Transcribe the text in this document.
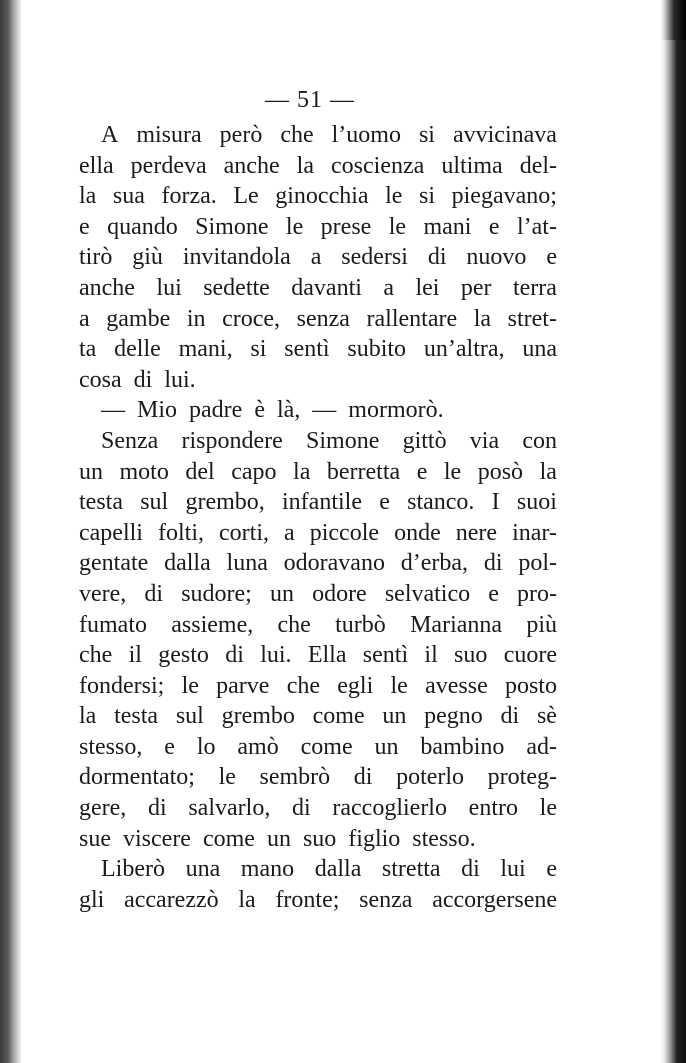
— 51 —
A misura però che l’uomo si avvicinava
ella perdeva anche la coscienza ultima del-
la sua forza. Le ginocchia le si piegavano;
e quando Simone le prese le mani e l’at-
tirò giù invitandola a sedersi di nuovo e
anche lui sedette davanti a lei per terra
a gambe in croce, senza rallentare la stret-
ta delle mani, si sentì subito un’altra, una
cosa di lui.
— Mio padre è là, — mormorò.
Senza rispondere Simone gittò via con
un moto del capo la berretta e le posò la
testa sul grembo, infantile e stanco. I suoi
capelli folti, corti, a piccole onde nere inar-
gentate dalla luna odoravano d’erba, di pol-
vere, di sudore; un odore selvatico e pro-
fumato assieme, che turbò Marianna più
che il gesto di lui. Ella sentì il suo cuore
fondersi; le parve che egli le avesse posto
la testa sul grembo come un pegno di sè
stesso, e lo amò come un bambino ad-
dormentato; le sembrò di poterlo proteg-
gere, di salvarlo, di raccoglierlo entro le
sue viscere come un suo figlio stesso.
Liberò una mano dalla stretta di lui e
gli accarezzò la fronte; senza accorgersene
